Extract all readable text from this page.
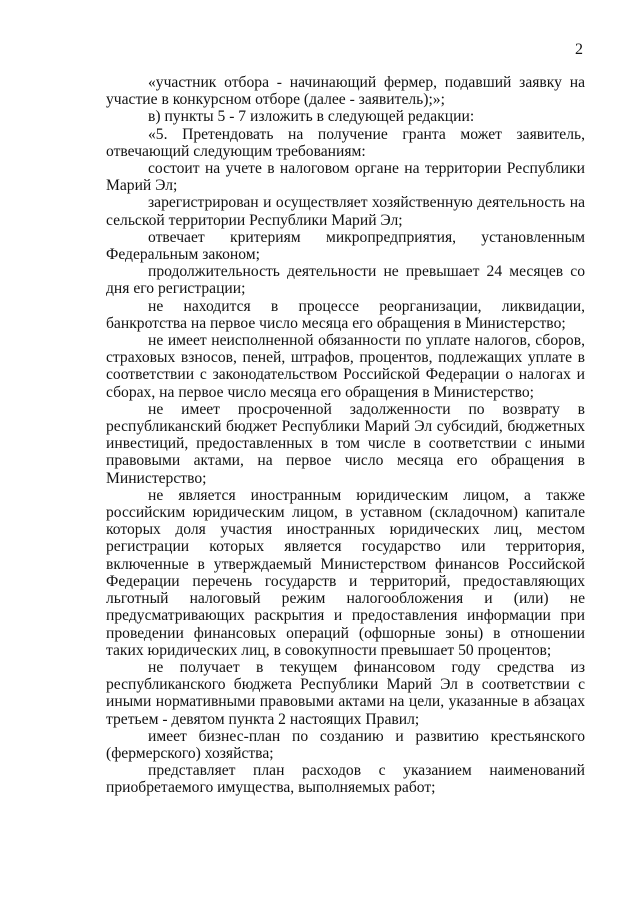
2

«участник отбора - начинающий фермер, подавший заявку на участие в конкурсном отборе (далее - заявитель);»;

в) пункты 5 - 7 изложить в следующей редакции:

«5. Претендовать на получение гранта может заявитель, отвечающий следующим требованиям:

состоит на учете в налоговом органе на территории Республики Марий Эл;

зарегистрирован и осуществляет хозяйственную деятельность на сельской территории Республики Марий Эл;

отвечает критериям микропредприятия, установленным Федеральным законом;

продолжительность деятельности не превышает 24 месяцев со дня его регистрации;

не находится в процессе реорганизации, ликвидации, банкротства на первое число месяца его обращения в Министерство;

не имеет неисполненной обязанности по уплате налогов, сборов, страховых взносов, пеней, штрафов, процентов, подлежащих уплате в соответствии с законодательством Российской Федерации о налогах и сборах, на первое число месяца его обращения в Министерство;

не имеет просроченной задолженности по возврату в республиканский бюджет Республики Марий Эл субсидий, бюджетных инвестиций, предоставленных в том числе в соответствии с иными правовыми актами, на первое число месяца его обращения в Министерство;

не является иностранным юридическим лицом, а также российским юридическим лицом, в уставном (складочном) капитале которых доля участия иностранных юридических лиц, местом регистрации которых является государство или территория, включенные в утверждаемый Министерством финансов Российской Федерации перечень государств и территорий, предоставляющих льготный налоговый режим налогообложения и (или) не предусматривающих раскрытия и предоставления информации при проведении финансовых операций (офшорные зоны) в отношении таких юридических лиц, в совокупности превышает 50 процентов;

не получает в текущем финансовом году средства из республиканского бюджета Республики Марий Эл в соответствии с иными нормативными правовыми актами на цели, указанные в абзацах третьем - девятом пункта 2 настоящих Правил;

имеет бизнес-план по созданию и развитию крестьянского (фермерского) хозяйства;

представляет план расходов с указанием наименований приобретаемого имущества, выполняемых работ;
